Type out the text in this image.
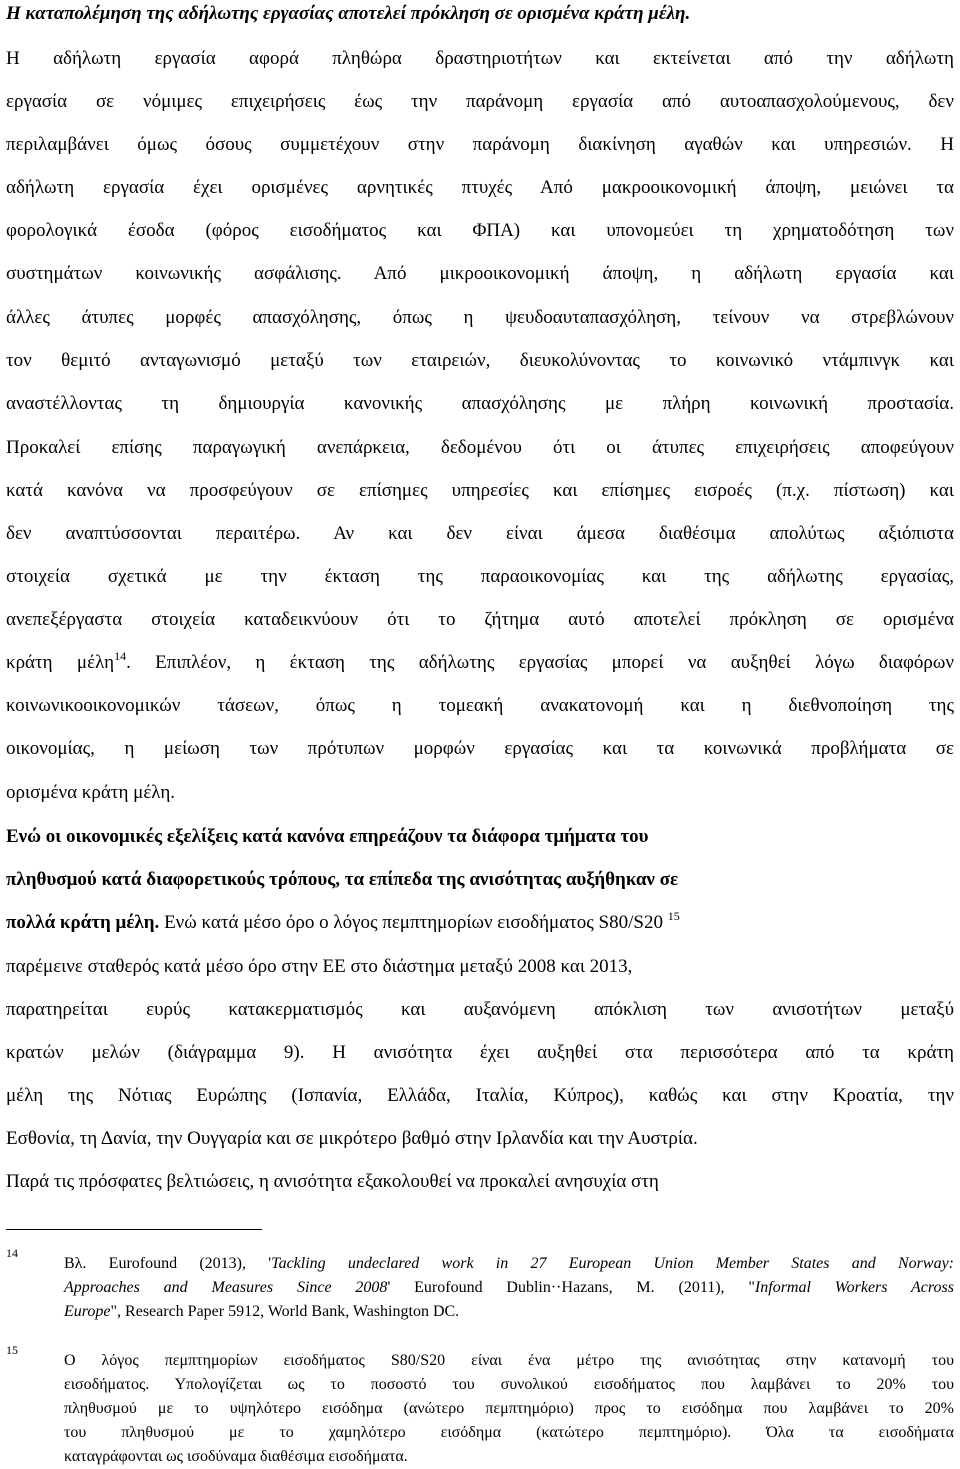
Η καταπολέμηση της αδήλωτης εργασίας αποτελεί πρόκληση σε ορισμένα κράτη μέλη.
Η αδήλωτη εργασία αφορά πληθώρα δραστηριοτήτων και εκτείνεται από την αδήλωτη
εργασία σε νόμιμες επιχειρήσεις έως την παράνομη εργασία από αυτοαπασχολούμενους, δεν
περιλαμβάνει όμως όσους συμμετέχουν στην παράνομη διακίνηση αγαθών και υπηρεσιών. Η
αδήλωτη εργασία έχει ορισμένες αρνητικές πτυχές Από μακροοικονομική άποψη, μειώνει τα
φορολογικά έσοδα (φόρος εισοδήματος και ΦΠΑ) και υπονομεύει τη χρηματοδότηση των
συστημάτων κοινωνικής ασφάλισης. Από μικροοικονομική άποψη, η αδήλωτη εργασία και
άλλες άτυπες μορφές απασχόλησης, όπως η ψευδοαυταπασχόληση, τείνουν να στρεβλώνουν
τον θεμιτό ανταγωνισμό μεταξύ των εταιρειών, διευκολύνοντας το κοινωνικό ντάμπινγκ και
αναστέλλοντας τη δημιουργία κανονικής απασχόλησης με πλήρη κοινωνική προστασία.
Προκαλεί επίσης παραγωγική ανεπάρκεια, δεδομένου ότι οι άτυπες επιχειρήσεις αποφεύγουν
κατά κανόνα να προσφεύγουν σε επίσημες υπηρεσίες και επίσημες εισροές (π.χ. πίστωση) και
δεν αναπτύσσονται περαιτέρω. Αν και δεν είναι άμεσα διαθέσιμα απολύτως αξιόπιστα
στοιχεία σχετικά με την έκταση της παραοικονομίας και της αδήλωτης εργασίας,
ανεπεξέργαστα στοιχεία καταδεικνύουν ότι το ζήτημα αυτό αποτελεί πρόκληση σε ορισμένα
κράτη μέλη$^{14}$. Επιπλέον, η έκταση της αδήλωτης εργασίας μπορεί να αυξηθεί λόγω διαφόρων
κοινωνικοοικονομικών τάσεων, όπως η τομεακή ανακατονομή και η διεθνοποίηση της
οικονομίας, η μείωση των πρότυπων μορφών εργασίας και τα κοινωνικά προβλήματα σε
ορισμένα κράτη μέλη.
Ενώ οι οικονομικές εξελίξεις κατά κανόνα επηρεάζουν τα διάφορα τμήματα του
πληθυσμού κατά διαφορετικούς τρόπους, τα επίπεδα της ανισότητας αυξήθηκαν σε
πολλά κράτη μέλη. Ενώ κατά μέσο όρο ο λόγος πεμπτημορίων εισοδήματος S80/S20 $^{15}$
παρέμεινε σταθερός κατά μέσο όρο στην ΕΕ στο διάστημα μεταξύ 2008 και 2013,
παρατηρείται ευρύς κατακερματισμός και αυξανόμενη απόκλιση των ανισοτήτων μεταξύ
κρατών μελών (διάγραμμα 9). Η ανισότητα έχει αυξηθεί στα περισσότερα από τα κράτη
μέλη της Νότιας Ευρώπης (Ισπανία, Ελλάδα, Ιταλία, Κύπρος), καθώς και στην Κροατία, την
Εσθονία, τη Δανία, την Ουγγαρία και σε μικρότερο βαθμό στην Ιρλανδία και την Αυστρία.
Παρά τις πρόσφατες βελτιώσεις, η ανισότητα εξακολουθεί να προκαλεί ανησυχία στη
14
Βλ. Eurofound (2013), 'Tackling undeclared work in 27 European Union Member States and Norway:
Approaches and Measures Since 2008' Eurofound Dublin··Hazans, M. (2011), "Informal Workers Across
Europe", Research Paper 5912, World Bank, Washington DC.
15
Ο λόγος πεμπτημορίων εισοδήματος S80/S20 είναι ένα μέτρο της ανισότητας στην κατανομή του
εισοδήματος. Υπολογίζεται ως το ποσοστό του συνολικού εισοδήματος που λαμβάνει το 20% του
πληθυσμού με το υψηλότερο εισόδημα (ανώτερο πεμπτημόριο) προς το εισόδημα που λαμβάνει το 20%
του πληθυσμού με το χαμηλότερο εισόδημα (κατώτερο πεμπτημόριο). Όλα τα εισοδήματα
καταγράφονται ως ισοδύναμα διαθέσιμα εισοδήματα.
